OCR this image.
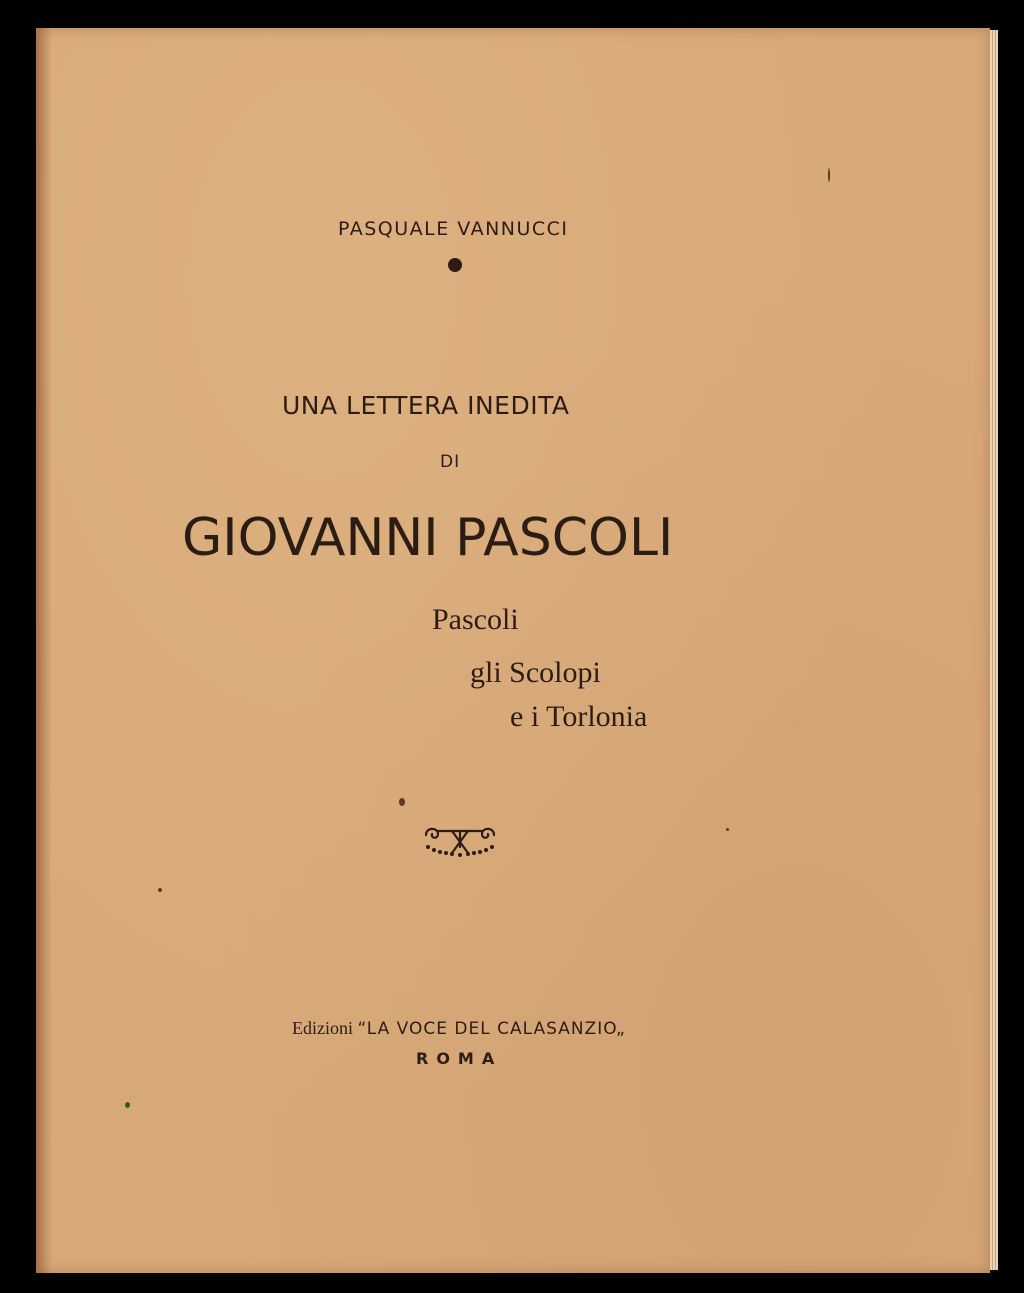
PASQUALE VANNUCCI
UNA LETTERA INEDITA
DI
GIOVANNI PASCOLI
Pascoli
gli Scolopi
e i Torlonia
Edizioni “LA VOCE DEL CALASANZIO„
ROMA
